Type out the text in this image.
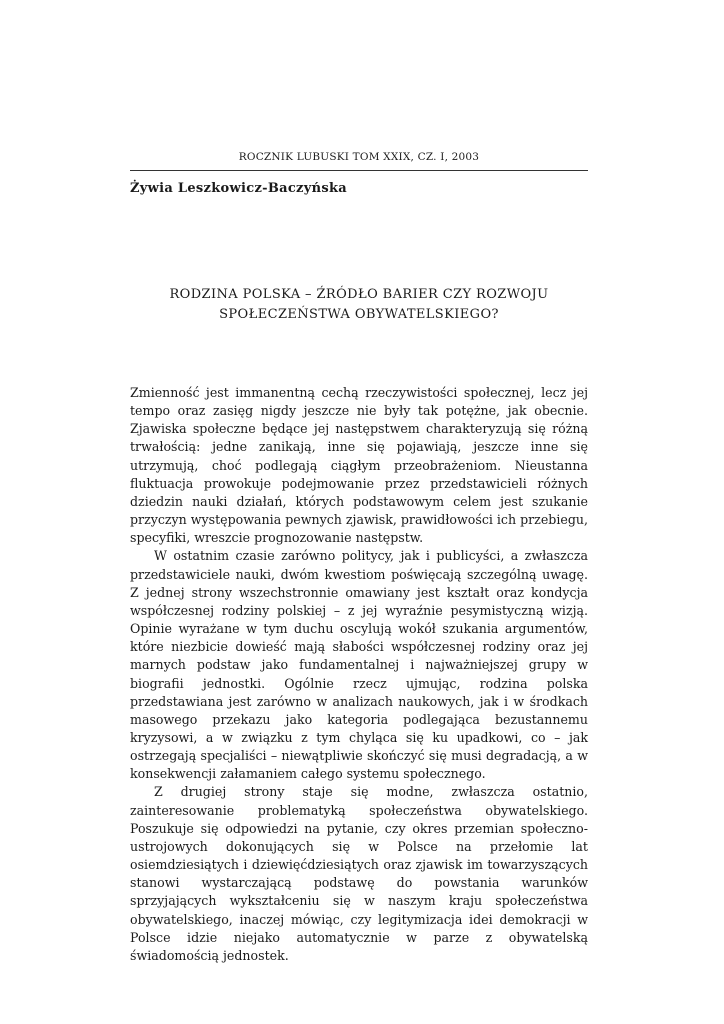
ROCZNIK LUBUSKI TOM XXIX, CZ. I, 2003
Żywia Leszkowicz-Baczyńska
RODZINA POLSKA – ŹRÓDŁO BARIER CZY ROZWOJU
SPOŁECZEŃSTWA OBYWATELSKIEGO?

Zmienność jest immanentną cechą rzeczywistości społecznej, lecz jej tempo oraz zasięg nigdy jeszcze nie były tak potężne, jak obecnie. Zjawiska społeczne będące jej następstwem charakteryzują się różną trwałością: jedne zanikają, inne się pojawiają, jeszcze inne się utrzymują, choć podlegają ciągłym przeobrażeniom. Nieustanna fluktuacja prowokuje podejmowanie przez przedstawicieli różnych dziedzin nauki działań, których podstawowym celem jest szukanie przyczyn występowania pewnych zjawisk, prawidłowości ich przebiegu, specyfiki, wreszcie prognozowanie następstw.

W ostatnim czasie zarówno politycy, jak i publicyści, a zwłaszcza przedstawiciele nauki, dwóm kwestiom poświęcają szczególną uwagę. Z jednej strony wszechstronnie omawiany jest kształt oraz kondycja współczesnej rodziny polskiej – z jej wyraźnie pesymistyczną wizją. Opinie wyrażane w tym duchu oscylują wokół szukania argumentów, które niezbicie dowieść mają słabości współczesnej rodziny oraz jej marnych podstaw jako fundamentalnej i najważniejszej grupy w biografii jednostki. Ogólnie rzecz ujmując, rodzina polska przedstawiana jest zarówno w analizach naukowych, jak i w środkach masowego przekazu jako kategoria podlegająca bezustannemu kryzysowi, a w związku z tym chyląca się ku upadkowi, co – jak ostrzegają specjaliści – niewątpliwie skończyć się musi degradacją, a w konsekwencji załamaniem całego systemu społecznego.

Z drugiej strony staje się modne, zwłaszcza ostatnio, zainteresowanie problematyką społeczeństwa obywatelskiego. Poszukuje się odpowiedzi na pytanie, czy okres przemian społeczno-ustrojowych dokonujących się w Polsce na przełomie lat osiemdziesiątych i dziewięćdziesiątych oraz zjawisk im towarzyszących stanowi wystarczającą podstawę do powstania warunków sprzyjających wykształceniu się w naszym kraju społeczeństwa obywatelskiego, inaczej mówiąc, czy legitymizacja idei demokracji w Polsce idzie niejako automatycznie w parze z obywatelską świadomością jednostek.
